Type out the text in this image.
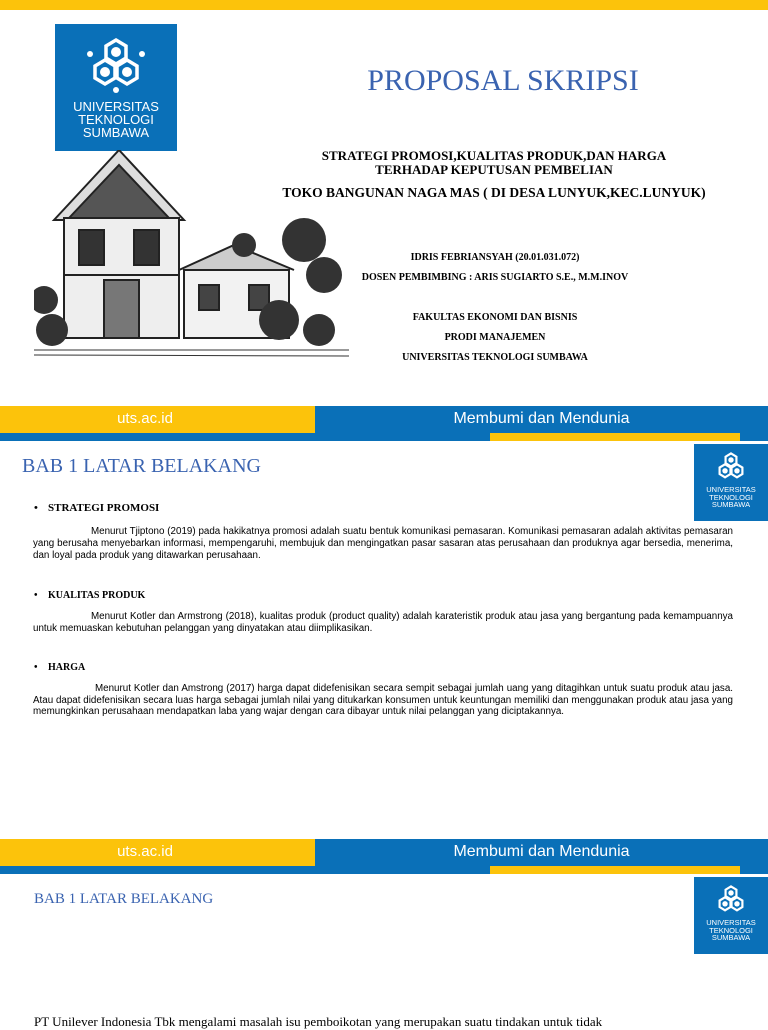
UNIVERSITAS
TEKNOLOGI
SUMBAWA
PROPOSAL SKRIPSI
STRATEGI PROMOSI,KUALITAS PRODUK,DAN HARGA
TERHADAP KEPUTUSAN PEMBELIAN
TOKO BANGUNAN NAGA MAS ( DI DESA LUNYUK,KEC.LUNYUK)
IDRIS FEBRIANSYAH (20.01.031.072)
DOSEN PEMBIMBING : ARIS SUGIARTO S.E., M.M.INOV
FAKULTAS EKONOMI DAN BISNIS
PRODI MANAJEMEN
UNIVERSITAS TEKNOLOGI SUMBAWA
uts.ac.id	Membumi dan Mendunia
BAB 1 LATAR BELAKANG
UNIVERSITAS
TEKNOLOGI
SUMBAWA
• STRATEGI PROMOSI
Menurut Tjiptono (2019) pada hakikatnya promosi adalah suatu bentuk komunikasi pemasaran. Komunikasi pemasaran adalah aktivitas pemasaran yang berusaha menyebarkan informasi, mempengaruhi, membujuk dan mengingatkan pasar sasaran atas perusahaan dan produknya agar bersedia, menerima, dan loyal pada produk yang ditawarkan perusahaan.
• KUALITAS PRODUK
Menurut Kotler dan Armstrong (2018), kualitas produk (product quality) adalah karateristik produk atau jasa yang bergantung pada kemampuannya untuk memuaskan kebutuhan pelanggan yang dinyatakan atau diimplikasikan.
• HARGA
Menurut Kotler dan Amstrong (2017) harga dapat didefenisikan secara sempit sebagai jumlah uang yang ditagihkan untuk suatu produk atau jasa. Atau dapat didefenisikan secara luas harga sebagai jumlah nilai yang ditukarkan konsumen untuk keuntungan memiliki dan menggunakan produk atau jasa yang memungkinkan perusahaan mendapatkan laba yang wajar dengan cara dibayar untuk nilai pelanggan yang diciptakannya.
uts.ac.id	Membumi dan Mendunia
BAB 1 LATAR BELAKANG
UNIVERSITAS
TEKNOLOGI
SUMBAWA
PT Unilever Indonesia Tbk mengalami masalah isu pemboikotan yang merupakan suatu tindakan untuk tidak
